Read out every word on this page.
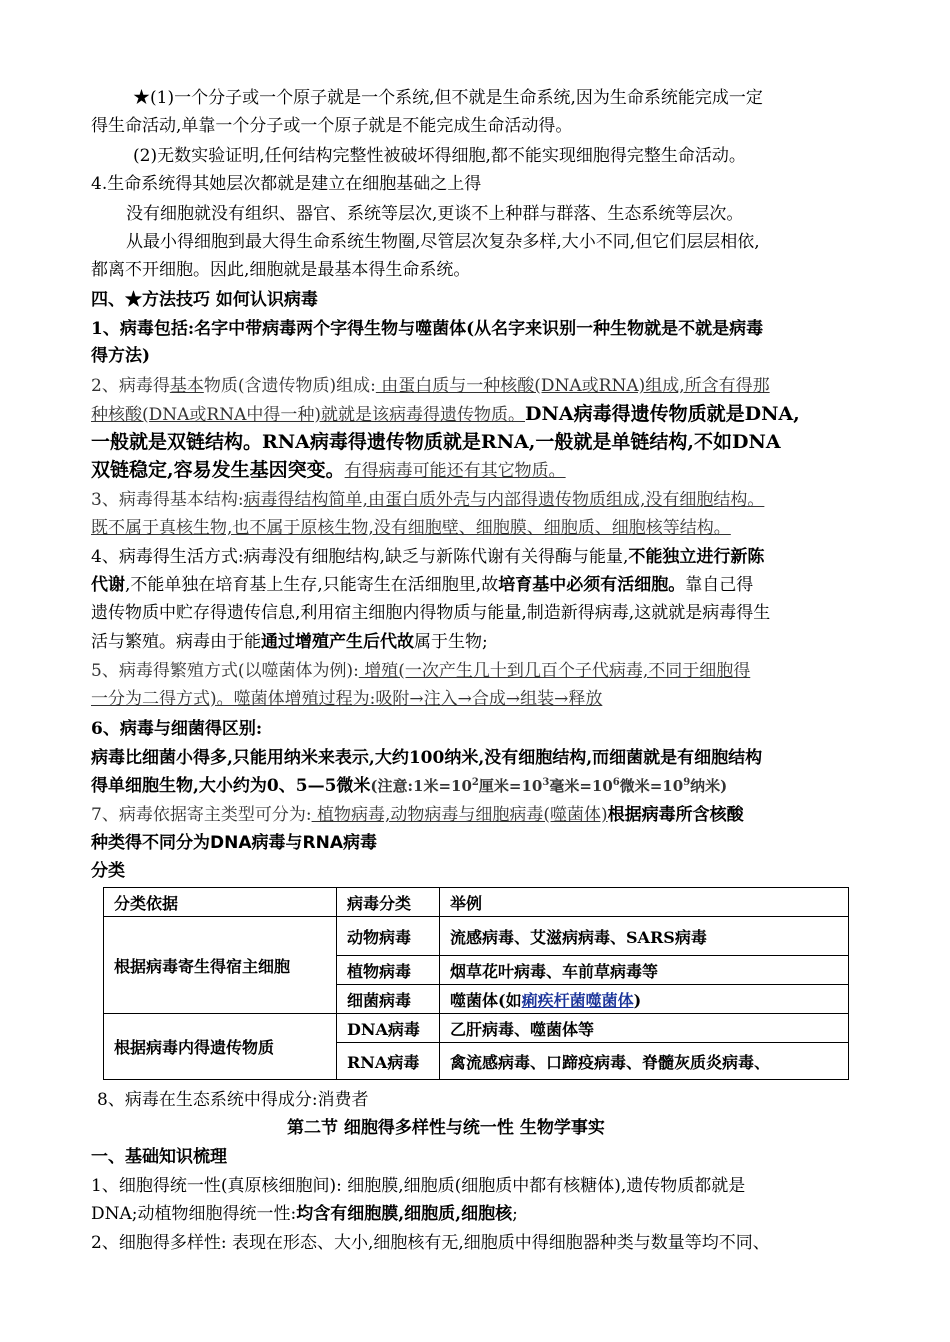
★(1)一个分子或一个原子就是一个系统,但不就是生命系统,因为生命系统能完成一定
得生命活动,单靠一个分子或一个原子就是不能完成生命活动得。
(2)无数实验证明,任何结构完整性被破坏得细胞,都不能实现细胞得完整生命活动。
4.生命系统得其她层次都就是建立在细胞基础之上得
没有细胞就没有组织、器官、系统等层次,更谈不上种群与群落、生态系统等层次。
从最小得细胞到最大得生命系统生物圈,尽管层次复杂多样,大小不同,但它们层层相依,
都离不开细胞。因此,细胞就是最基本得生命系统。
四、★方法技巧 如何认识病毒
1、病毒包括:名字中带病毒两个字得生物与噬菌体(从名字来识别一种生物就是不就是病毒
得方法)
2、病毒得基本物质(含遗传物质)组成: 由蛋白质与一种核酸(DNA或RNA)组成,所含有得那
种核酸(DNA或RNA中得一种)就就是该病毒得遗传物质。DNA病毒得遗传物质就是DNA,
一般就是双链结构。RNA病毒得遗传物质就是RNA,一般就是单链结构,不如DNA
双链稳定,容易发生基因突变。有得病毒可能还有其它物质。
3、病毒得基本结构:病毒得结构简单,由蛋白质外壳与内部得遗传物质组成,没有细胞结构。
既不属于真核生物,也不属于原核生物,没有细胞壁、细胞膜、细胞质、细胞核等结构。
4、病毒得生活方式:病毒没有细胞结构,缺乏与新陈代谢有关得酶与能量,不能独立进行新陈
代谢,不能单独在培育基上生存,只能寄生在活细胞里,故培育基中必须有活细胞。靠自己得
遗传物质中贮存得遗传信息,利用宿主细胞内得物质与能量,制造新得病毒,这就就是病毒得生
活与繁殖。病毒由于能通过增殖产生后代故属于生物;
5、病毒得繁殖方式(以噬菌体为例): 增殖(一次产生几十到几百个子代病毒,不同于细胞得
一分为二得方式)。噬菌体增殖过程为:吸附→注入→合成→组装→释放
6、病毒与细菌得区别:
病毒比细菌小得多,只能用纳米来表示,大约100纳米,没有细胞结构,而细菌就是有细胞结构
得单细胞生物,大小约为0、5—5微米(注意:1米$=10^2$厘米$=10^3$毫米$=10^6$微米$=10^9$纳米)
7、病毒依据寄主类型可分为: 植物病毒,动物病毒与细胞病毒(噬菌体)根据病毒所含核酸
种类得不同分为DNA病毒与RNA病毒
分类
分类依据	病毒分类	举例
根据病毒寄生得宿主细胞	动物病毒	流感病毒、艾滋病病毒、SARS病毒
	植物病毒	烟草花叶病毒、车前草病毒等
	细菌病毒	噬菌体(如痢疾杆菌噬菌体)
根据病毒内得遗传物质	DNA病毒	乙肝病毒、噬菌体等
	RNA病毒	禽流感病毒、口蹄疫病毒、脊髓灰质炎病毒、
8、病毒在生态系统中得成分:消费者
第二节 细胞得多样性与统一性 生物学事实
一、基础知识梳理
1、细胞得统一性(真原核细胞间): 细胞膜,细胞质(细胞质中都有核糖体),遗传物质都就是
DNA;动植物细胞得统一性:均含有细胞膜,细胞质,细胞核;
2、细胞得多样性: 表现在形态、大小,细胞核有无,细胞质中得细胞器种类与数量等均不同、
